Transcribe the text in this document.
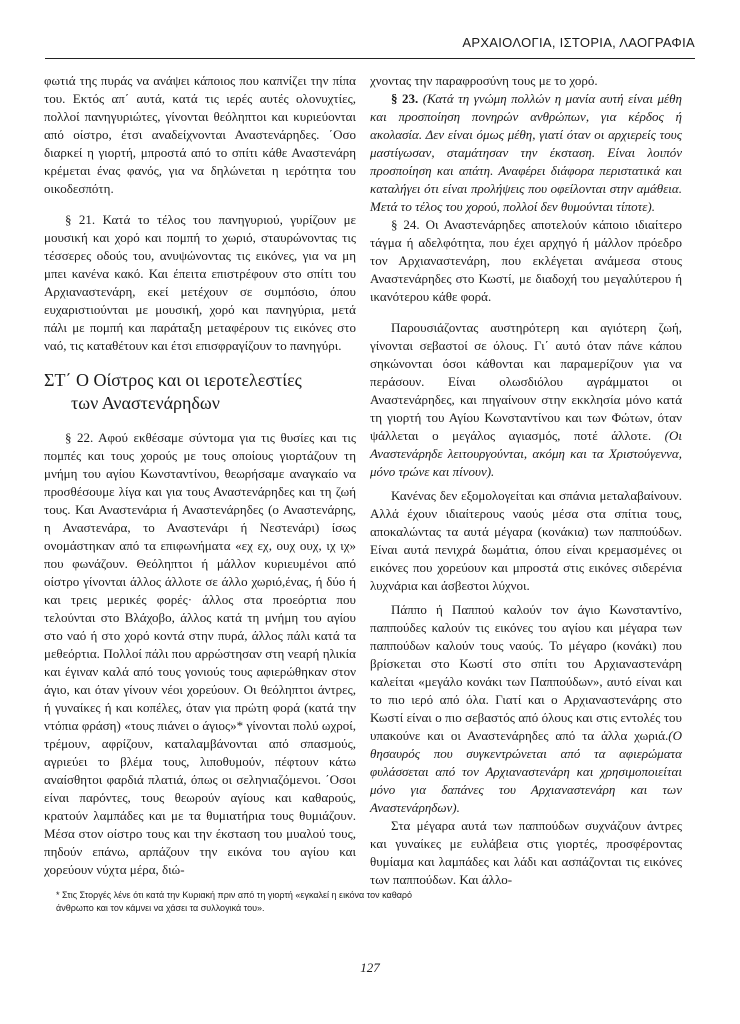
ΑΡΧΑΙΟΛΟΓΙΑ, ΙΣΤΟΡΙΑ, ΛΑΟΓΡΑΦΙΑ

φωτιά της πυράς να ανάψει κάποιος που καπνίζει την πίπα του. Εκτός απ΄ αυτά, κατά τις ιερές αυτές ολονυχτίες, πολλοί πανηγυριώτες, γίνονται θεόληπτοι και κυριεύονται από οίστρο, έτσι αναδείχνονται Αναστενάρηδες. ΄Οσο διαρκεί η γιορτή, μπροστά από το σπίτι κάθε Αναστενάρη κρέμεται ένας φανός, για να δηλώνεται η ιερότητα του οικοδεσπότη.

§ 21. Κατά το τέλος του πανηγυριού, γυρίζουν με μουσική και χορό και πομπή το χωριό, σταυρώνοντας τις τέσσερες οδούς του, ανυψώνοντας τις εικόνες, για να μη μπει κανένα κακό. Και έπειτα επιστρέφουν στο σπίτι του Αρχιαναστενάρη, εκεί μετέχουν σε συμπόσιο, όπου ευχαριστιούνται με μουσική, χορό και πανηγύρια, μετά πάλι με πομπή και παράταξη μεταφέρουν τις εικόνες στο ναό, τις καταθέτουν και έτσι επισφραγίζουν το πανηγύρι.

ΣΤ΄ Ο Οίστρος και οι ιεροτελεστίες
των Αναστενάρηδων

§ 22. Αφού εκθέσαμε σύντομα για τις θυσίες και τις πομπές και τους χορούς με τους οποίους γιορτάζουν τη μνήμη του αγίου Κωνσταντίνου, θεωρήσαμε αναγκαίο να προσθέσουμε λίγα και για τους Αναστενάρηδες και τη ζωή τους. Και Αναστενάρια ή Αναστενάρηδες (ο Αναστενάρης, η Αναστενάρα, το Αναστενάρι ή Νεστενάρι) ίσως ονομάστηκαν από τα επιφωνήματα «εχ εχ, ουχ ουχ, ιχ ιχ» που φωνάζουν. Θεόληπτοι ή μάλλον κυριευμένοι από οίστρο γίνονται άλλος άλλοτε σε άλλο χωριό,ένας, ή δύο ή και τρεις μερικές φορές· άλλος στα προεόρτια που τελούνται στο Βλάχοβο, άλλος κατά τη μνήμη του αγίου στο ναό ή στο χορό κοντά στην πυρά, άλλος πάλι κατά τα μεθεόρτια. Πολλοί πάλι που αρρώστησαν στη νεαρή ηλικία και έγιναν καλά από τους γονιούς τους αφιερώθηκαν στον άγιο, και όταν γίνουν νέοι χορεύουν. Οι θεόληπτοι άντρες, ή γυναίκες ή και κοπέλες, όταν για πρώτη φορά (κατά την ντόπια φράση) «τους πιάνει ο άγιος»* γίνονται πολύ ωχροί, τρέμουν, αφρίζουν, καταλαμβάνονται από σπασμούς, αγριεύει το βλέμα τους, λιποθυμούν, πέφτουν κάτω αναίσθητοι φαρδιά πλατιά, όπως οι σεληνιαζόμενοι. ΄Οσοι είναι παρόντες, τους θεωρούν αγίους και καθαρούς, κρατούν λαμπάδες και με τα θυμιατήρια τους θυμιάζουν. Μέσα στον οίστρο τους και την έκσταση του μυαλού τους, πηδούν επάνω, αρπάζουν την εικόνα του αγίου και χορεύουν νύχτα μέρα, διώ-

χνοντας την παραφροσύνη τους με το χορό.

§ 23. (Κατά τη γνώμη πολλών η μανία αυτή είναι μέθη και προσποίηση πονηρών ανθρώπων, για κέρδος ή ακολασία. Δεν είναι όμως μέθη, γιατί όταν οι αρχιερείς τους μαστίγωσαν, σταμάτησαν την έκσταση. Είναι λοιπόν προσποίηση και απάτη. Αναφέρει διάφορα περιστατικά και καταλήγει ότι είναι προλήψεις που οφείλονται στην αμάθεια. Μετά το τέλος του χορού, πολλοί δεν θυμούνται τίποτε).

§ 24. Οι Αναστενάρηδες αποτελούν κάποιο ιδιαίτερο τάγμα ή αδελφότητα, που έχει αρχηγό ή μάλλον πρόεδρο τον Αρχιαναστενάρη, που εκλέγεται ανάμεσα στους Αναστενάρηδες στο Κωστί, με διαδοχή του μεγαλύτερου ή ικανότερου κάθε φορά.

Παρουσιάζοντας αυστηρότερη και αγιότερη ζωή, γίνονται σεβαστοί σε όλους. Γι΄ αυτό όταν πάνε κάπου σηκώνονται όσοι κάθονται και παραμερίζουν για να περάσουν. Είναι ολωσδιόλου αγράμματοι οι Αναστενάρηδες, και πηγαίνουν στην εκκλησία μόνο κατά τη γιορτή του Αγίου Κωνσταντίνου και των Φώτων, όταν ψάλλεται ο μεγάλος αγιασμός, ποτέ άλλοτε. (Οι Αναστενάρηδε λειτουργούνται, ακόμη και τα Χριστούγεννα, μόνο τρώνε και πίνουν).

Κανένας δεν εξομολογείται και σπάνια μεταλαβαίνουν. Αλλά έχουν ιδιαίτερους ναούς μέσα στα σπίτια τους, αποκαλώντας τα αυτά μέγαρα (κονάκια) των παππούδων. Είναι αυτά πενιχρά δωμάτια, όπου είναι κρεμασμένες οι εικόνες που χορεύουν και μπροστά στις εικόνες σιδερένια λυχνάρια και άσβεστοι λύχνοι.

Πάππο ή Παππού καλούν τον άγιο Κωνσταντίνο, παππούδες καλούν τις εικόνες του αγίου και μέγαρα των παππούδων καλούν τους ναούς. Το μέγαρο (κονάκι) που βρίσκεται στο Κωστί στο σπίτι του Αρχιαναστενάρη καλείται «μεγάλο κονάκι των Παππούδων», αυτό είναι και το πιο ιερό από όλα. Γιατί και ο Αρχιαναστενάρης στο Κωστί είναι ο πιο σεβαστός από όλους και στις εντολές του υπακούνε και οι Αναστενάρηδες από τα άλλα χωριά.(Ο θησαυρός που συγκεντρώνεται από τα αφιερώματα φυλάσσεται από τον Αρχιαναστενάρη και χρησιμοποιείται μόνο για δαπάνες του Αρχιαναστενάρη και των Αναστενάρηδων).

Στα μέγαρα αυτά των παππούδων συχνάζουν άντρες και γυναίκες με ευλάβεια στις γιορτές, προσφέροντας θυμίαμα και λαμπάδες και λάδι και ασπάζονται τις εικόνες των παππούδων. Και άλλο-

* Στις Στοργές λένε ότι κατά την Κυριακή πριν από τη γιορτή «εγκαλεί η εικόνα τον καθαρό
άνθρωπο και τον κάμνει να χάσει τα συλλογικά του».
127
